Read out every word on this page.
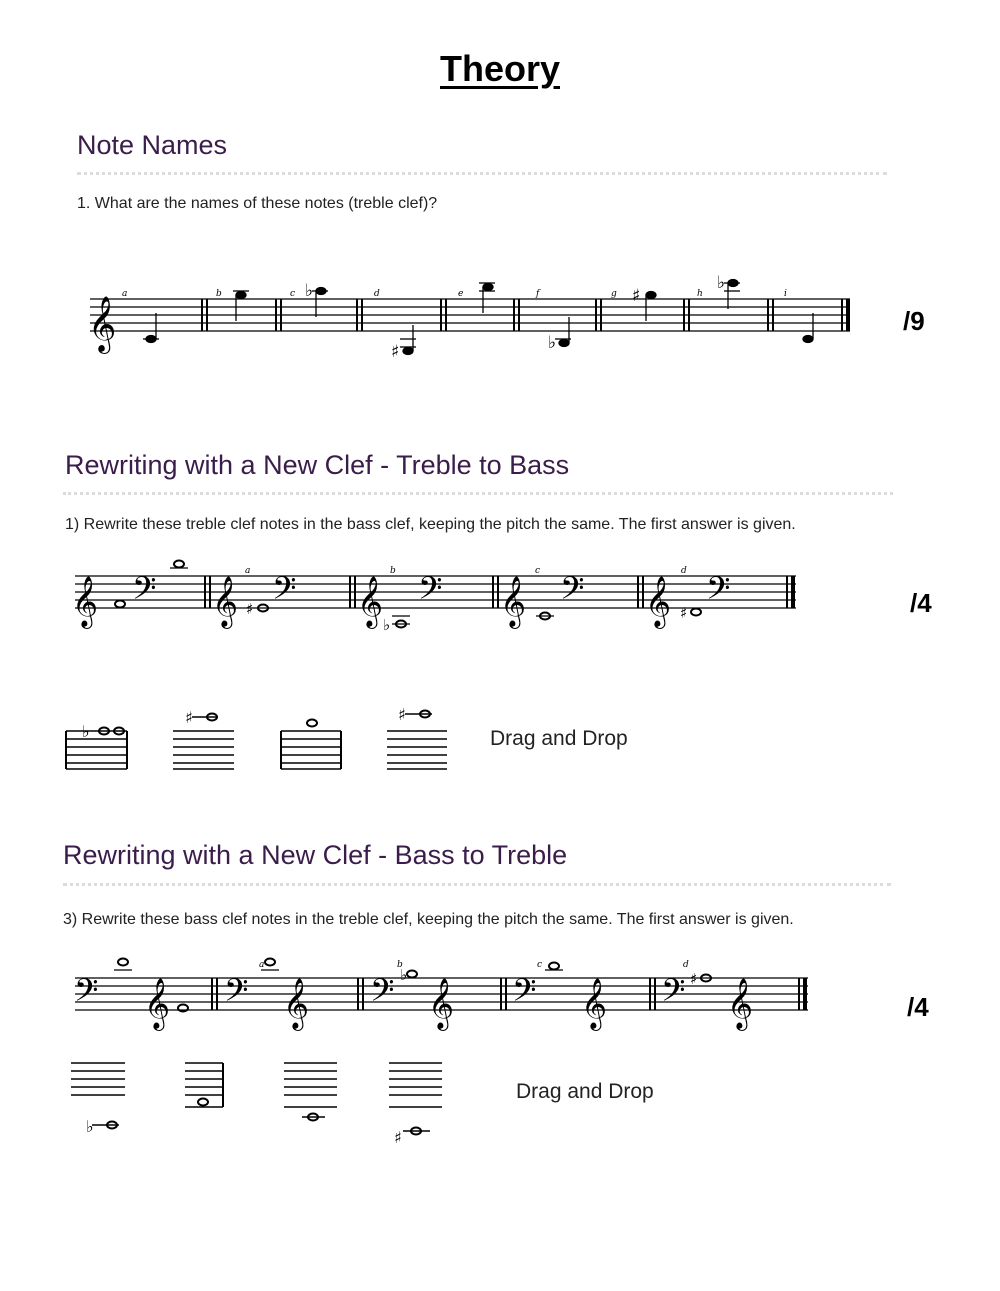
Theory
Note Names
1. What are the names of these notes (treble clef)?
𝄞
a	b	c	d	e	f	g	h	i
♭
♯	♭
♯
♭
/9
Rewriting with a New Clef - Treble to Bass
1) Rewrite these treble clef notes in the bass clef, keeping the pitch the same. The first answer is given.
𝄞	𝄞	𝄞	𝄞	𝄞
𝄢	𝄢	𝄢	𝄢	𝄢
a	b	c	d
♯
♭
♯	/4
♭
♯	♯
Drag and Drop
Rewriting with a New Clef - Bass to Treble
3) Rewrite these bass clef notes in the treble clef, keeping the pitch the same. The first answer is given.
𝄢	𝄢	𝄢	𝄢	𝄢
𝄞	𝄞	𝄞	𝄞	𝄞
a	b	c	d
♭	♯
/4
♭
♯
Drag and Drop
